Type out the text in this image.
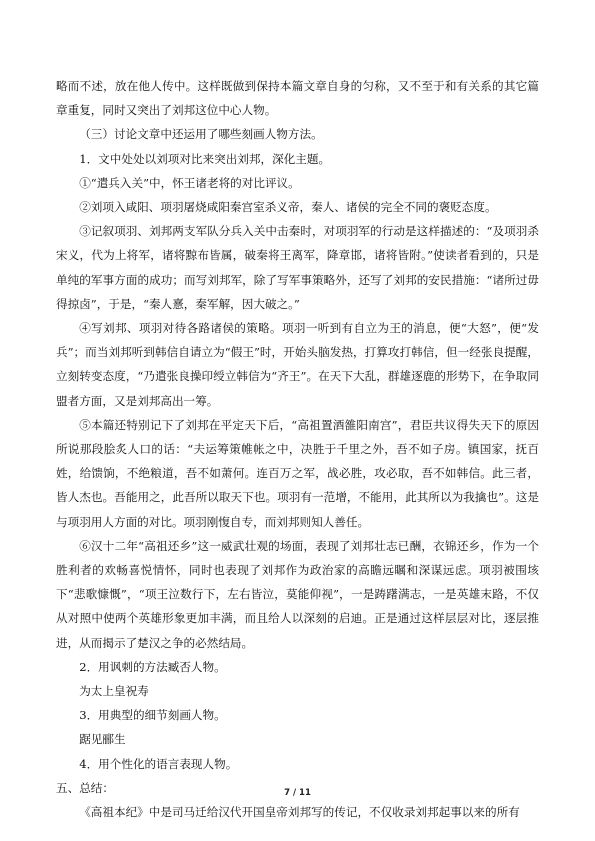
略而不述，放在他人传中。这样既做到保持本篇文章自身的匀称，又不至于和有关系的其它篇章重复，同时又突出了刘邦这位中心人物。

（三）讨论文章中还运用了哪些刻画人物方法。

1．文中处处以刘项对比来突出刘邦，深化主题。

①“遣兵入关”中，怀王诸老将的对比评议。

②刘项入咸阳、项羽屠烧咸阳秦宫室杀义帝，秦人、诸侯的完全不同的褒贬态度。

③记叙项羽、刘邦两支军队分兵入关中击秦时，对项羽军的行动是这样描述的：“及项羽杀宋义，代为上将军，诸将黥布皆属，破秦将王离军，降章邯，诸将皆附。”使读者看到的，只是单纯的军事方面的成功；而写刘邦军，除了写军事策略外，还写了刘邦的安民措施：“诸所过毋得掠卤”，于是，“秦人憙，秦军解，因大破之。”

④写刘邦、项羽对待各路诸侯的策略。项羽一听到有自立为王的消息，便“大怒”，便“发兵”；而当刘邦听到韩信自请立为“假王”时，开始头脑发热，打算攻打韩信，但一经张良提醒，立刻转变态度，“乃遣张良操印绶立韩信为“齐王”。在天下大乱，群雄逐鹿的形势下，在争取同盟者方面，又是刘邦高出一筹。

⑤本篇还特别记下了刘邦在平定天下后，“高祖置酒雒阳南宫”，君臣共议得失天下的原因所说那段脍炙人口的话：“夫运筹策帷帐之中，决胜于千里之外，吾不如子房。镇国家，抚百姓，给馈饷，不绝粮道，吾不如萧何。连百万之军，战必胜，攻必取，吾不如韩信。此三者，皆人杰也。吾能用之，此吾所以取天下也。项羽有一范增，不能用，此其所以为我擒也”。这是与项羽用人方面的对比。项羽刚愎自专，而刘邦则知人善任。

⑥汉十二年“高祖还乡”这一威武壮观的场面，表现了刘邦壮志已酬，衣锦还乡，作为一个胜利者的欢畅喜悦情怀，同时也表现了刘邦作为政治家的高瞻远瞩和深谋远虑。项羽被围垓下“悲歌慷慨”，“项王泣数行下，左右皆泣，莫能仰视”，一是踌躇满志，一是英雄末路，不仅从对照中使两个英雄形象更加丰满，而且给人以深刻的启迪。正是通过这样层层对比，逐层推进，从而揭示了楚汉之争的必然结局。

2．用讽刺的方法臧否人物。

为太上皇祝寿

3．用典型的细节刻画人物。

踞见郦生

4．用个性化的语言表现人物。

五、总结：

《高祖本纪》中是司马迁给汉代开国皇帝刘邦写的传记，不仅收录刘邦起事以来的所有

7 / 11
